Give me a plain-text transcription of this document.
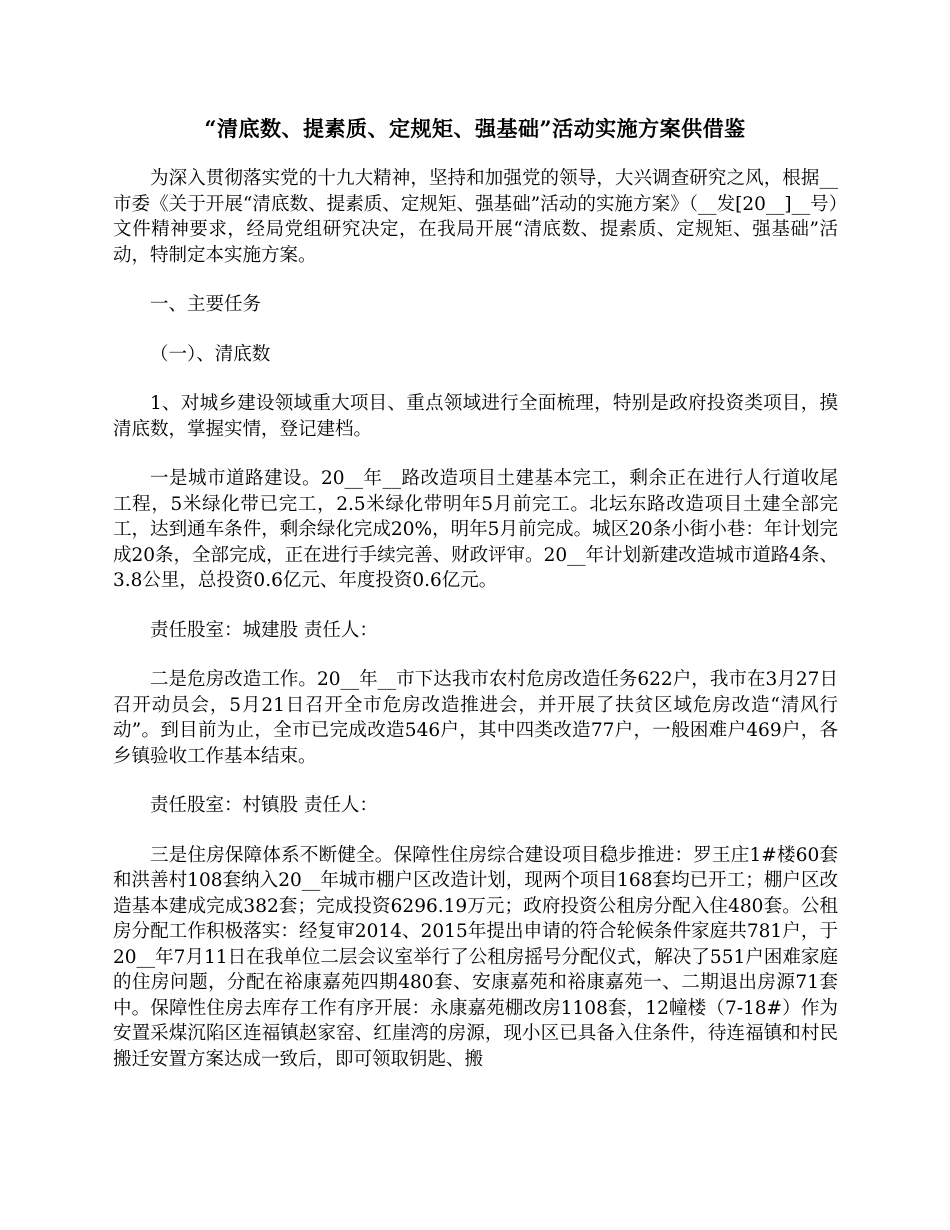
“清底数、提素质、定规矩、强基础”活动实施方案供借鉴

为深入贯彻落实党的十九大精神，坚持和加强党的领导，大兴调查研究之风，根据__市委《关于开展“清底数、提素质、定规矩、强基础”活动的实施方案》（__发[20__]__号）文件精神要求，经局党组研究决定，在我局开展“清底数、提素质、定规矩、强基础”活动，特制定本实施方案。

一、主要任务

（一）、清底数

1、对城乡建设领域重大项目、重点领域进行全面梳理，特别是政府投资类项目，摸清底数，掌握实情，登记建档。

一是城市道路建设。20__年__路改造项目土建基本完工，剩余正在进行人行道收尾工程，5米绿化带已完工，2.5米绿化带明年5月前完工。北坛东路改造项目土建全部完工，达到通车条件，剩余绿化完成20%，明年5月前完成。城区20条小街小巷：年计划完成20条，全部完成，正在进行手续完善、财政评审。20__年计划新建改造城市道路4条、3.8公里，总投资0.6亿元、年度投资0.6亿元。

责任股室：城建股 责任人：

二是危房改造工作。20__年__市下达我市农村危房改造任务622户，我市在3月27日召开动员会，5月21日召开全市危房改造推进会，并开展了扶贫区域危房改造“清风行动”。到目前为止，全市已完成改造546户，其中四类改造77户，一般困难户469户，各乡镇验收工作基本结束。

责任股室：村镇股 责任人：

三是住房保障体系不断健全。保障性住房综合建设项目稳步推进：罗王庄1#楼60套和洪善村108套纳入20__年城市棚户区改造计划，现两个项目168套均已开工；棚户区改造基本建成完成382套；完成投资6296.19万元；政府投资公租房分配入住480套。公租房分配工作积极落实：经复审2014、2015年提出申请的符合轮候条件家庭共781户，于20__年7月11日在我单位二层会议室举行了公租房摇号分配仪式，解决了551户困难家庭的住房问题，分配在裕康嘉苑四期480套、安康嘉苑和裕康嘉苑一、二期退出房源71套中。保障性住房去库存工作有序开展：永康嘉苑棚改房1108套，12幢楼（7-18#）作为安置采煤沉陷区连福镇赵家窑、红崖湾的房源，现小区已具备入住条件，待连福镇和村民搬迁安置方案达成一致后，即可领取钥匙、搬
